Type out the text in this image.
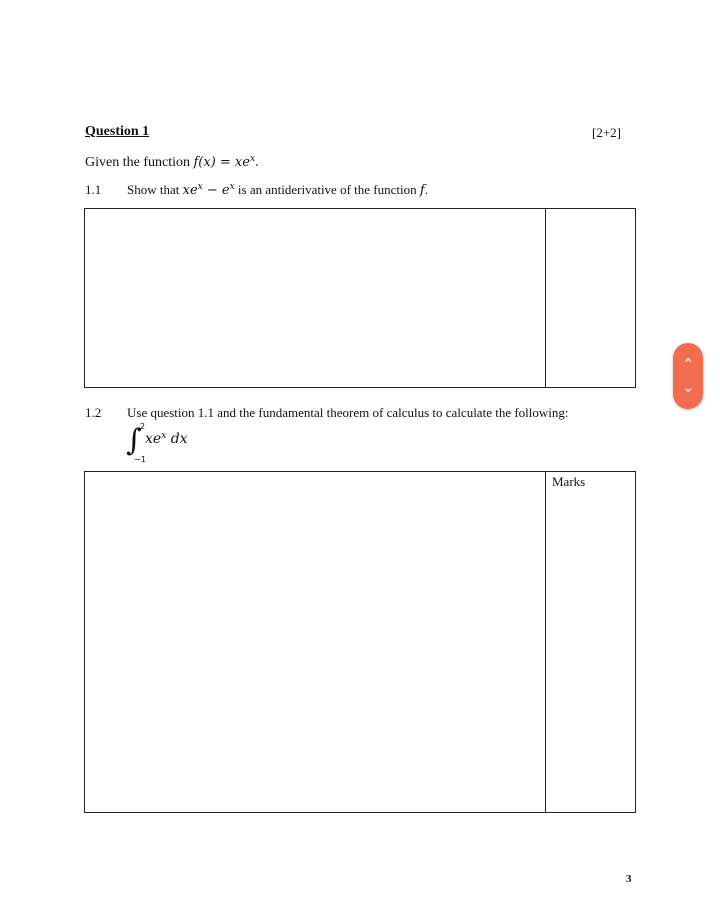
Question 1	[2+2]
Given the function $f(x) = xe^x$.
1.1 Show that $xe^x - e^x$ is an antiderivative of the function f.
1.2 Use question 1.1 and the fundamental theorem of calculus to calculate the following:
∫
2
−1
$xe^x$ dx
Marks
‹
›
3
